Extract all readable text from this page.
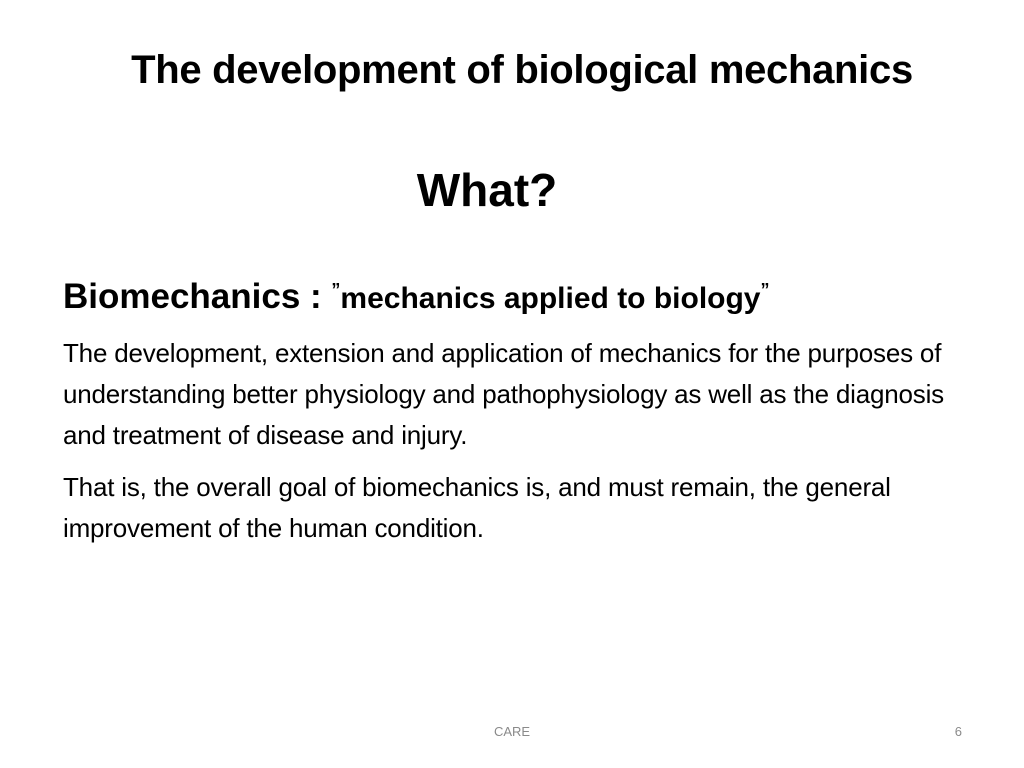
The development of biological mechanics
What?
Biomechanics : ”mechanics applied to biology”

The development, extension and application of mechanics for the purposes of understanding better physiology and pathophysiology as well as the diagnosis and treatment of disease and injury.

That is, the overall goal of biomechanics is, and must remain, the general improvement of the human condition.

CARE	6
